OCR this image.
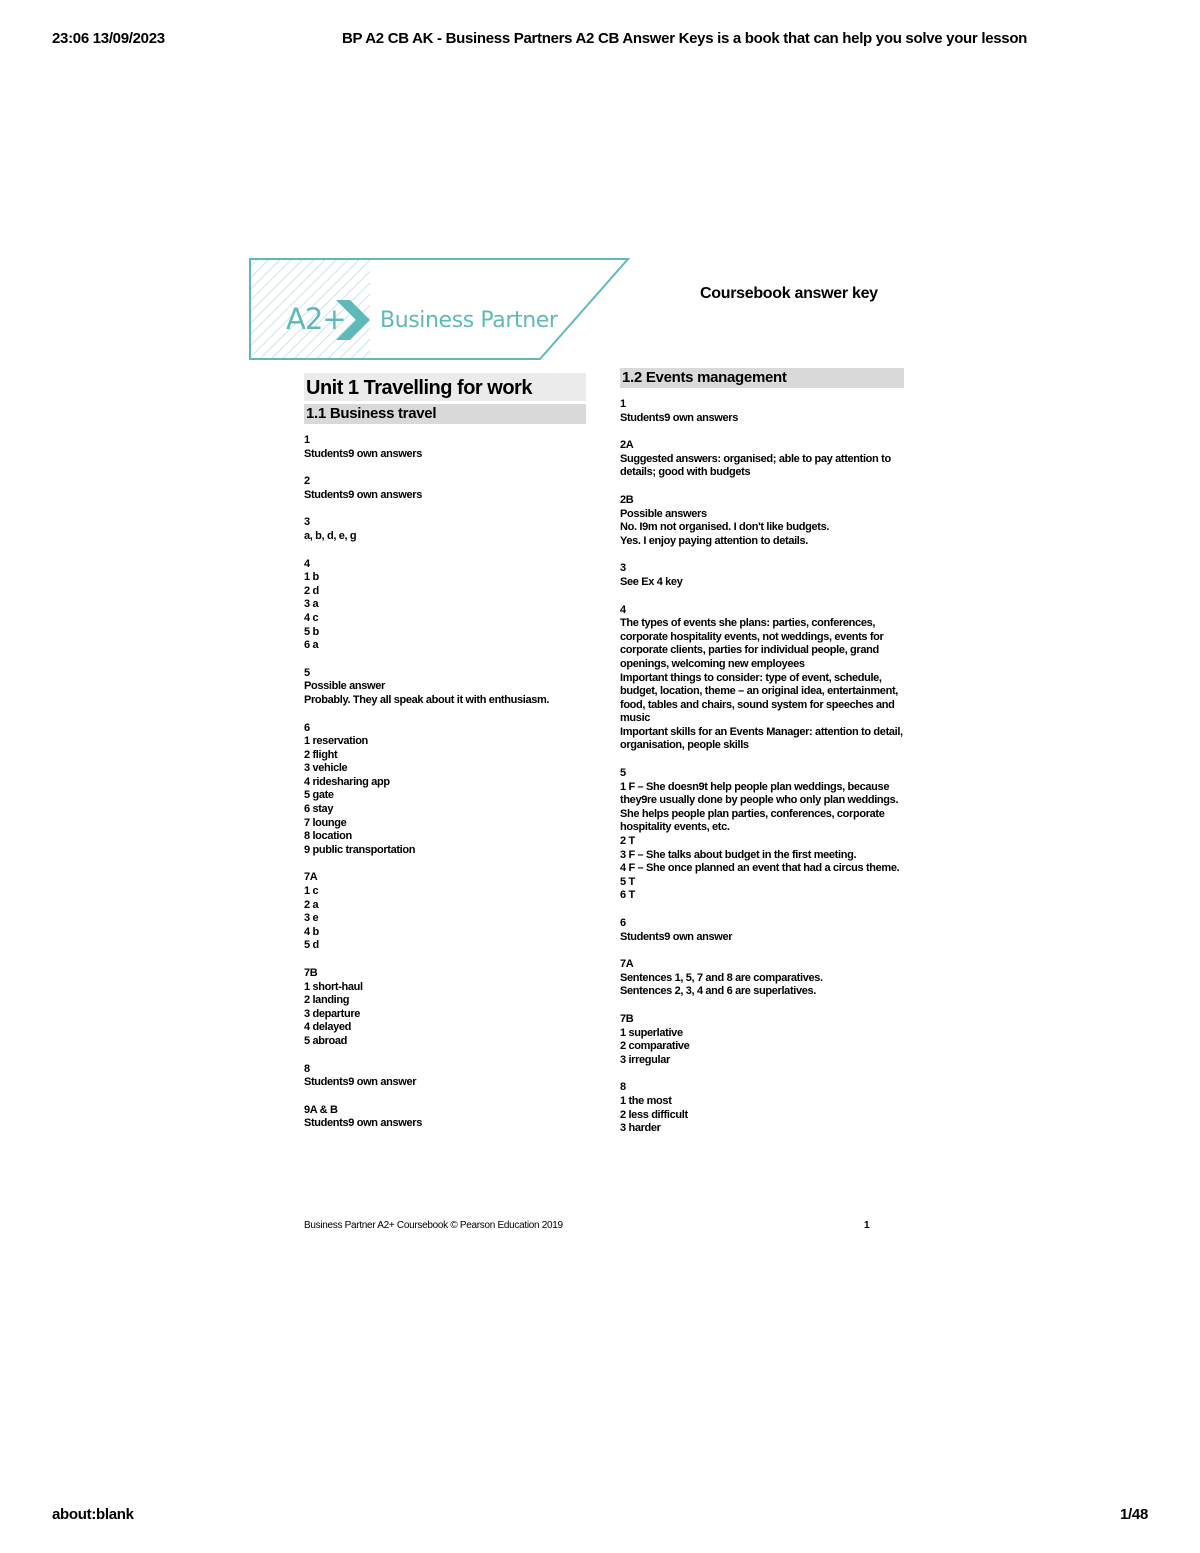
23:06 13/09/2023	BP A2 CB AK - Business Partners A2 CB Answer Keys is a book that can help you solve your lesson
A2+ Business Partner
Coursebook answer key
Unit 1 Travelling for work
1.1 Business travel
1
Students9 own answers
2
Students9 own answers
3
a, b, d, e, g
4
1 b
2 d
3 a
4 c
5 b
6 a
5
Possible answer
Probably. They all speak about it with enthusiasm.
6
1 reservation
2 flight
3 vehicle
4 ridesharing app
5 gate
6 stay
7 lounge
8 location
9 public transportation
7A
1 c
2 a
3 e
4 b
5 d
7B
1 short-haul
2 landing
3 departure
4 delayed
5 abroad
8
Students9 own answer
9A & B
Students9 own answers
1.2 Events management
1
Students9 own answers
2A
Suggested answers: organised; able to pay attention to details; good with budgets
2B
Possible answers
No. I9m not organised. I don't like budgets.
Yes. I enjoy paying attention to details.
3
See Ex 4 key
4
The types of events she plans: parties, conferences, corporate hospitality events, not weddings, events for corporate clients, parties for individual people, grand openings, welcoming new employees
Important things to consider: type of event, schedule, budget, location, theme – an original idea, entertainment, food, tables and chairs, sound system for speeches and music
Important skills for an Events Manager: attention to detail, organisation, people skills
5
1 F – She doesn9t help people plan weddings, because they9re usually done by people who only plan weddings. She helps people plan parties, conferences, corporate hospitality events, etc.
2 T
3 F – She talks about budget in the first meeting.
4 F – She once planned an event that had a circus theme.
5 T
6 T
6
Students9 own answer
7A
Sentences 1, 5, 7 and 8 are comparatives.
Sentences 2, 3, 4 and 6 are superlatives.
7B
1 superlative
2 comparative
3 irregular
8
1 the most
2 less difficult
3 harder
Business Partner A2+ Coursebook © Pearson Education 2019	1
about:blank	1/48
